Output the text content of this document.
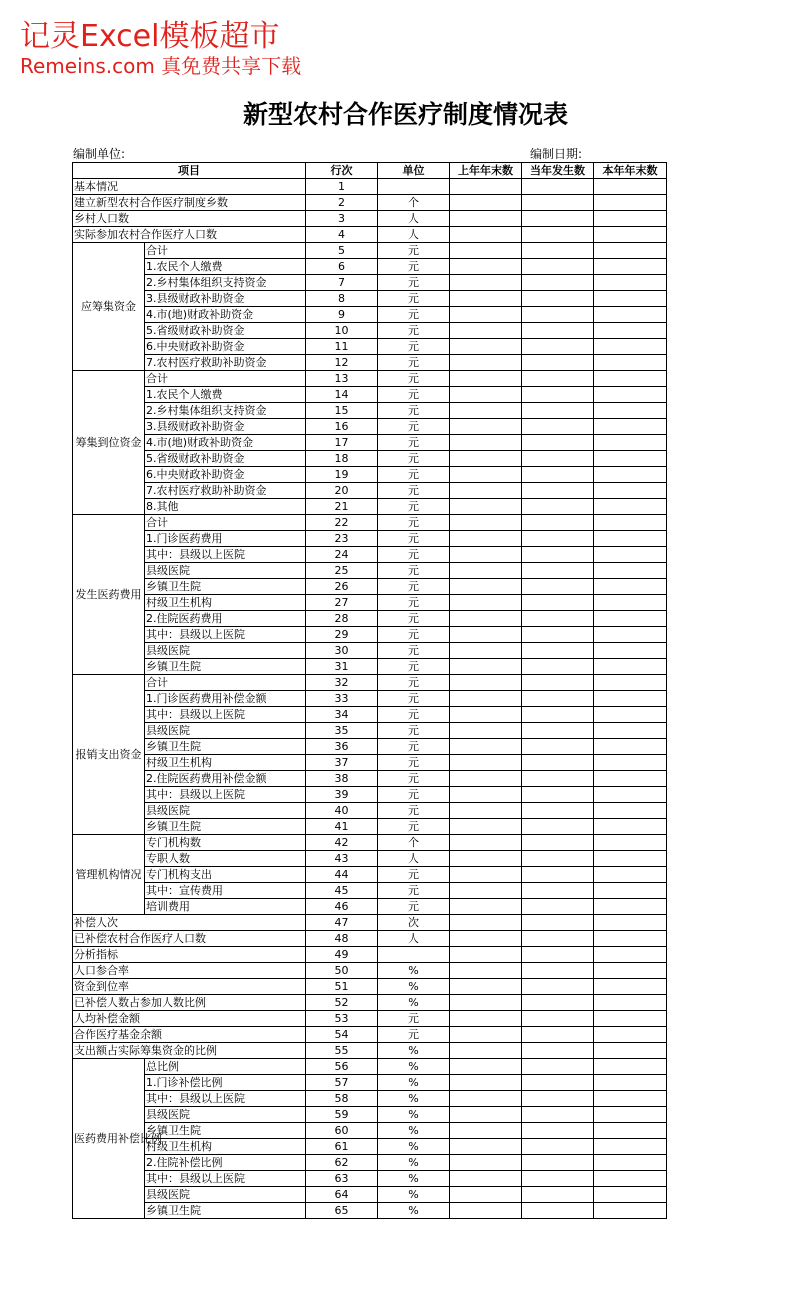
记灵Excel模板超市
Remeins.com 真免费共享下载
新型农村合作医疗制度情况表
编制单位:	编制日期:
项目		行次	单位	上年年末数	当年发生数	本年年末数
基本情况		1				
建立新型农村合作医疗制度乡数		2	个			
乡村人口数		3	人			
实际参加农村合作医疗人口数		4	人			
应筹集资金	合计	5	元			
	1.农民个人缴费	6	元			
	2.乡村集体组织支持资金	7	元			
	3.县级财政补助资金	8	元			
	4.市(地)财政补助资金	9	元			
	5.省级财政补助资金	10	元			
	6.中央财政补助资金	11	元			
	7.农村医疗救助补助资金	12	元			
筹集到位资金	合计	13	元			
	1.农民个人缴费	14	元			
	2.乡村集体组织支持资金	15	元			
	3.县级财政补助资金	16	元			
	4.市(地)财政补助资金	17	元			
	5.省级财政补助资金	18	元			
	6.中央财政补助资金	19	元			
	7.农村医疗救助补助资金	20	元			
	8.其他	21	元			
发生医药费用	合计	22	元			
	1.门诊医药费用	23	元			
	其中：县级以上医院	24	元			
	县级医院	25	元			
	乡镇卫生院	26	元			
	村级卫生机构	27	元			
	2.住院医药费用	28	元			
	其中：县级以上医院	29	元			
	县级医院	30	元			
	乡镇卫生院	31	元			
报销支出资金	合计	32	元			
	1.门诊医药费用补偿金额	33	元			
	其中：县级以上医院	34	元			
	县级医院	35	元			
	乡镇卫生院	36	元			
	村级卫生机构	37	元			
	2.住院医药费用补偿金额	38	元			
	其中：县级以上医院	39	元			
	县级医院	40	元			
	乡镇卫生院	41	元			
管理机构情况	专门机构数	42	个			
	专职人数	43	人			
	专门机构支出	44	元			
	其中：宣传费用	45	元			
	培训费用	46	元			
补偿人次		47	次			
已补偿农村合作医疗人口数		48	人			
分析指标		49				
人口参合率		50	%			
资金到位率		51	%			
已补偿人数占参加人数比例		52	%			
人均补偿金额		53	元			
合作医疗基金余额		54	元			
支出额占实际筹集资金的比例		55	%			
医药费用补偿比例	总比例	56	%			
	1.门诊补偿比例	57	%			
	其中：县级以上医院	58	%			
	县级医院	59	%			
	乡镇卫生院	60	%			
	村级卫生机构	61	%			
	2.住院补偿比例	62	%			
	其中：县级以上医院	63	%			
	县级医院	64	%			
	乡镇卫生院	65	%			
